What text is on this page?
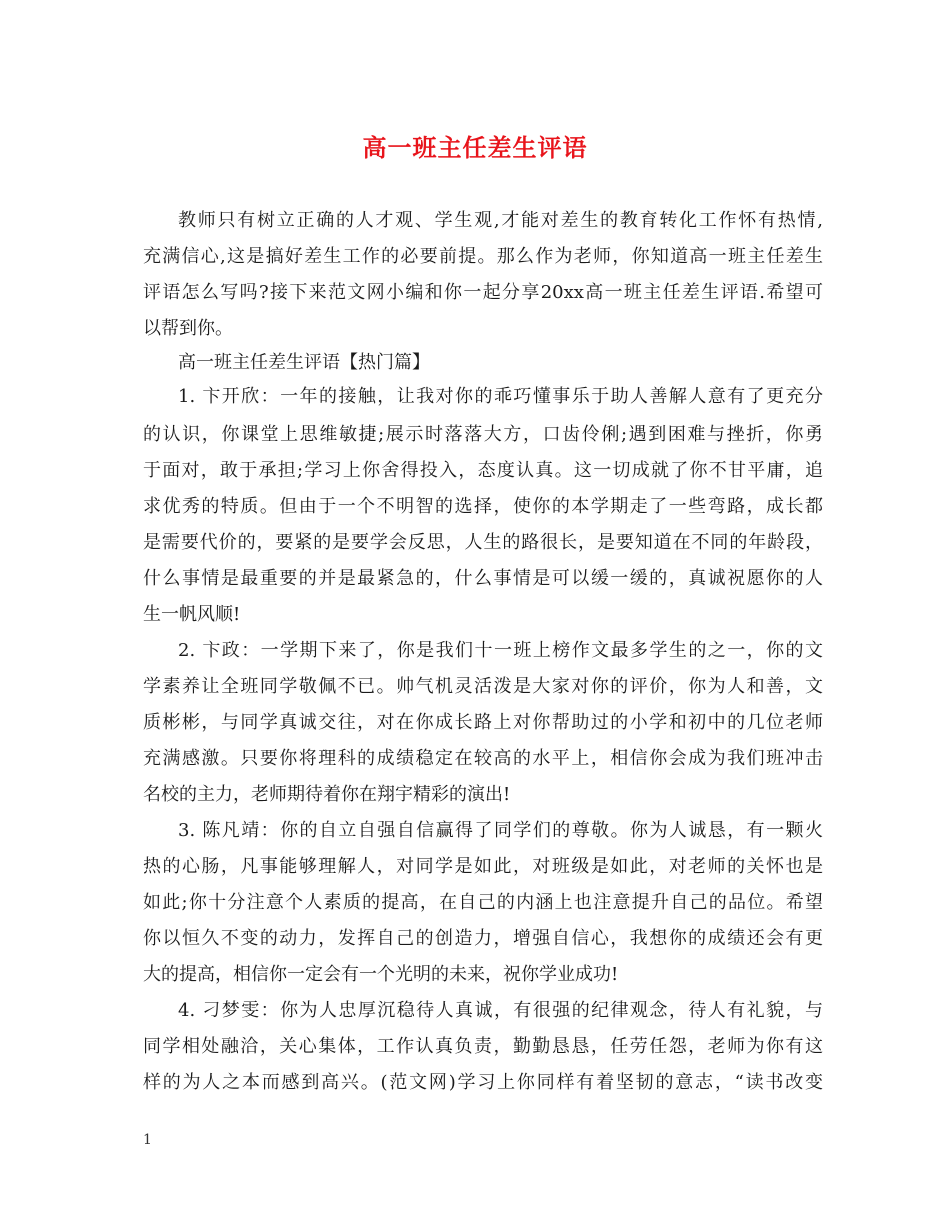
高一班主任差生评语
教师只有树立正确的人才观、学生观,才能对差生的教育转化工作怀有热情,
充满信心,这是搞好差生工作的必要前提。那么作为老师，你知道高一班主任差生
评语怎么写吗?接下来范文网小编和你一起分享20xx高一班主任差生评语.希望可
以帮到你。
高一班主任差生评语【热门篇】
1. 卞开欣：一年的接触，让我对你的乖巧懂事乐于助人善解人意有了更充分
的认识，你课堂上思维敏捷;展示时落落大方，口齿伶俐;遇到困难与挫折，你勇
于面对，敢于承担;学习上你舍得投入，态度认真。这一切成就了你不甘平庸，追
求优秀的特质。但由于一个不明智的选择，使你的本学期走了一些弯路，成长都
是需要代价的，要紧的是要学会反思，人生的路很长，是要知道在不同的年龄段，
什么事情是最重要的并是最紧急的，什么事情是可以缓一缓的，真诚祝愿你的人
生一帆风顺!
2. 卞政：一学期下来了，你是我们十一班上榜作文最多学生的之一，你的文
学素养让全班同学敬佩不已。帅气机灵活泼是大家对你的评价，你为人和善，文
质彬彬，与同学真诚交往，对在你成长路上对你帮助过的小学和初中的几位老师
充满感激。只要你将理科的成绩稳定在较高的水平上，相信你会成为我们班冲击
名校的主力，老师期待着你在翔宇精彩的演出!
3. 陈凡靖：你的自立自强自信赢得了同学们的尊敬。你为人诚恳，有一颗火
热的心肠，凡事能够理解人，对同学是如此，对班级是如此，对老师的关怀也是
如此;你十分注意个人素质的提高，在自己的内涵上也注意提升自己的品位。希望
你以恒久不变的动力，发挥自己的创造力，增强自信心，我想你的成绩还会有更
大的提高，相信你一定会有一个光明的未来，祝你学业成功!
4. 刁梦雯：你为人忠厚沉稳待人真诚，有很强的纪律观念，待人有礼貌，与
同学相处融洽，关心集体，工作认真负责，勤勤恳恳，任劳任怨，老师为你有这
样的为人之本而感到高兴。(范文网)学习上你同样有着坚韧的意志，“读书改变
1
